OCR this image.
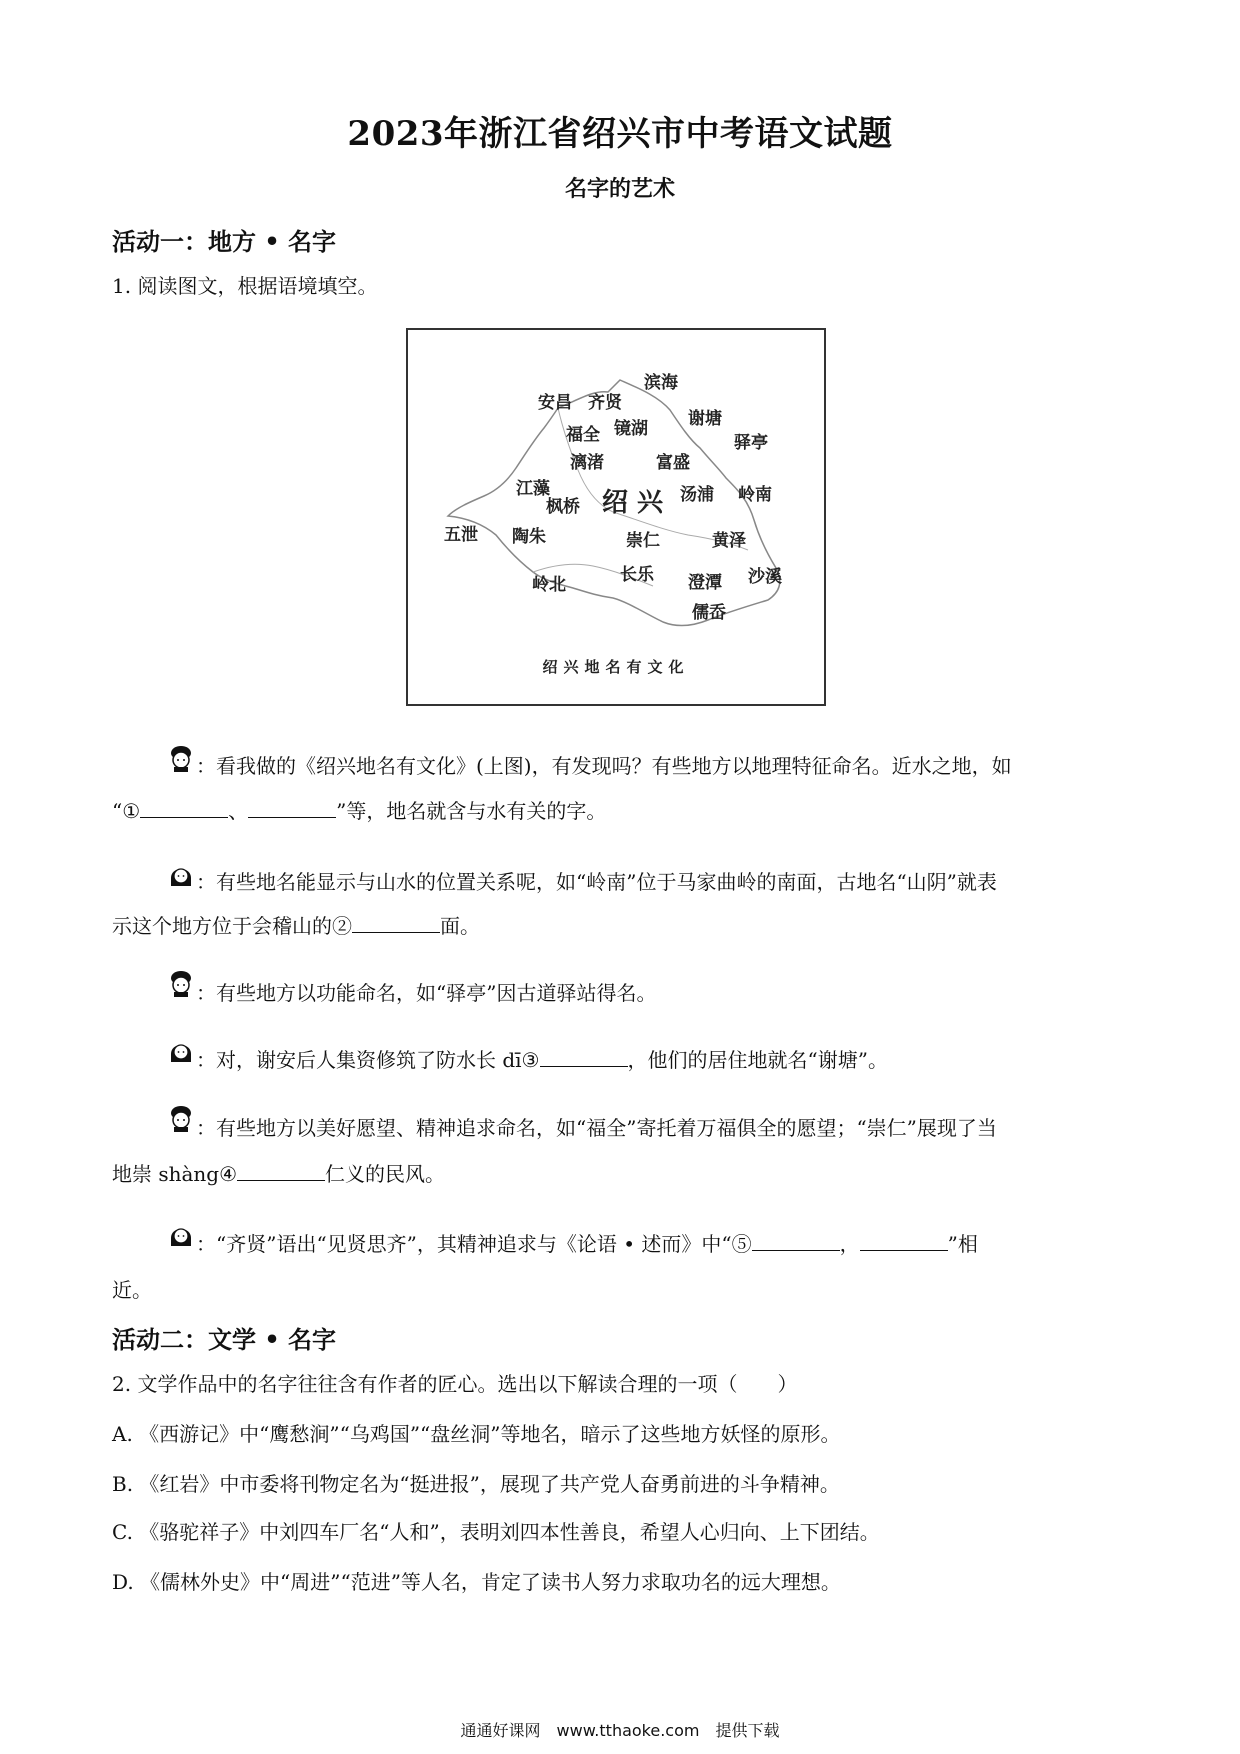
2023年浙江省绍兴市中考语文试题
名字的艺术
活动一：地方 • 名字
1. 阅读图文，根据语境填空。
安昌 齐贤
滨海
福全 镜湖 谢塘
驿亭
漓渚	富盛
江藻
枫桥 绍 兴 汤浦 岭南
五泄 陶朱	崇仁	黄泽
岭北	长乐 澄潭 沙溪
儒岙
绍兴地名有文化
：看我做的《绍兴地名有文化》(上图)，有发现吗？有些地方以地理特征命名。近水之地，如
“①	、	”等，地名就含与水有关的字。
：有些地名能显示与山水的位置关系呢，如“岭南”位于马家曲岭的南面，古地名“山阴”就表
示这个地方位于会稽山的②	面。
：有些地方以功能命名，如“驿亭”因古道驿站得名。
：对，谢安后人集资修筑了防水长 dī③	，他们的居住地就名“谢塘”。
：有些地方以美好愿望、精神追求命名，如“福全”寄托着万福俱全的愿望；“崇仁”展现了当
地崇 shàng④	仁义的民风。
：“齐贤”语出“见贤思齐”，其精神追求与《论语 • 述而》中“⑤	，	”相
近。
活动二：文学 • 名字
2. 文学作品中的名字往往含有作者的匠心。选出以下解读合理的一项（　　）
A. 《西游记》中“鹰愁涧”“乌鸡国”“盘丝洞”等地名，暗示了这些地方妖怪的原形。
B. 《红岩》中市委将刊物定名为“挺进报”，展现了共产党人奋勇前进的斗争精神。
C. 《骆驼祥子》中刘四车厂名“人和”，表明刘四本性善良，希望人心归向、上下团结。
D. 《儒林外史》中“周进”“范进”等人名，肯定了读书人努力求取功名的远大理想。
通通好课网　www.tthaoke.com　提供下载
